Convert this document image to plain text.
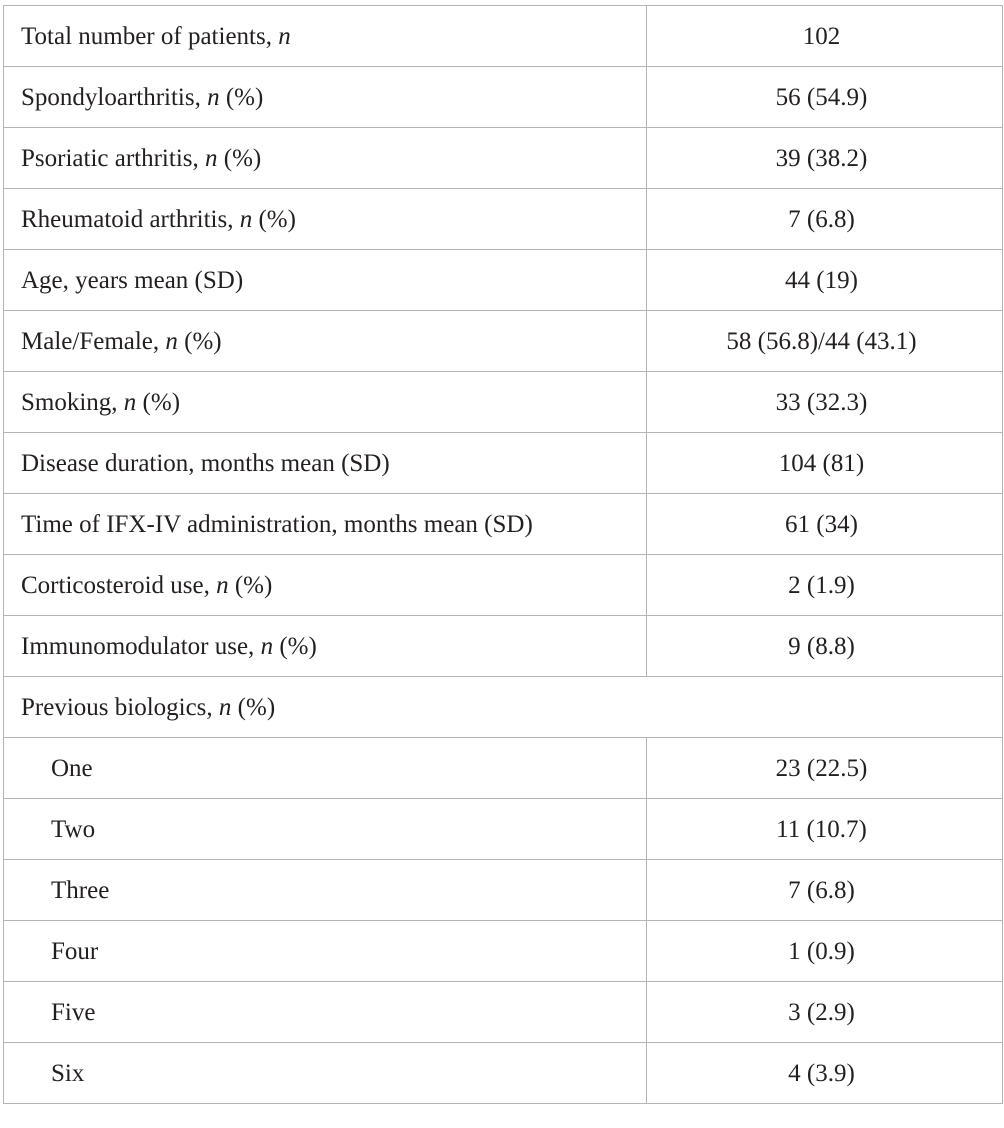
Total number of patients, n	102
Spondyloarthritis, n (%)	56 (54.9)
Psoriatic arthritis, n (%)	39 (38.2)
Rheumatoid arthritis, n (%)	7 (6.8)
Age, years mean (SD)	44 (19)
Male/Female, n (%)	58 (56.8)/44 (43.1)
Smoking, n (%)	33 (32.3)
Disease duration, months mean (SD)	104 (81)
Time of IFX-IV administration, months mean (SD)	61 (34)
Corticosteroid use, n (%)	2 (1.9)
Immunomodulator use, n (%)	9 (8.8)
Previous biologics, n (%)	
One	23 (22.5)
Two	11 (10.7)
Three	7 (6.8)
Four	1 (0.9)
Five	3 (2.9)
Six	4 (3.9)
